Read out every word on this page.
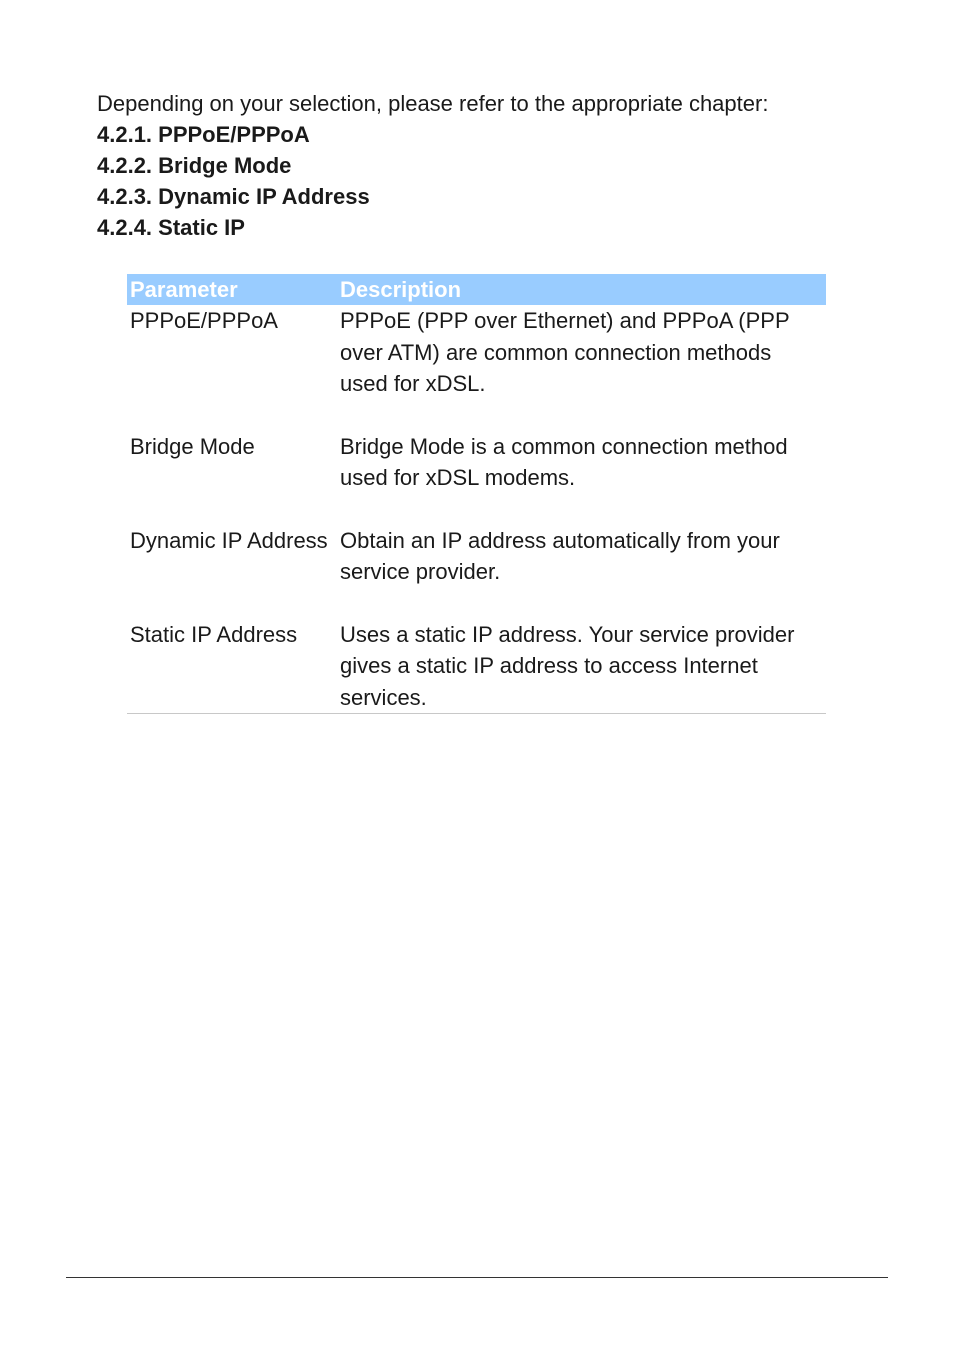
Depending on your selection, please refer to the appropriate chapter:

4.2.1. PPPoE/PPPoA
4.2.2. Bridge Mode
4.2.3. Dynamic IP Address
4.2.4. Static IP
Parameter	Description
PPPoE/PPPoA	PPPoE (PPP over Ethernet) and PPPoA (PPP over ATM) are common connection methods used for xDSL.
Bridge Mode	Bridge Mode is a common connection method used for xDSL modems.
Dynamic IP Address	Obtain an IP address automatically from your service provider.
Static IP Address	Uses a static IP address. Your service provider gives a static IP address to access Internet services.
